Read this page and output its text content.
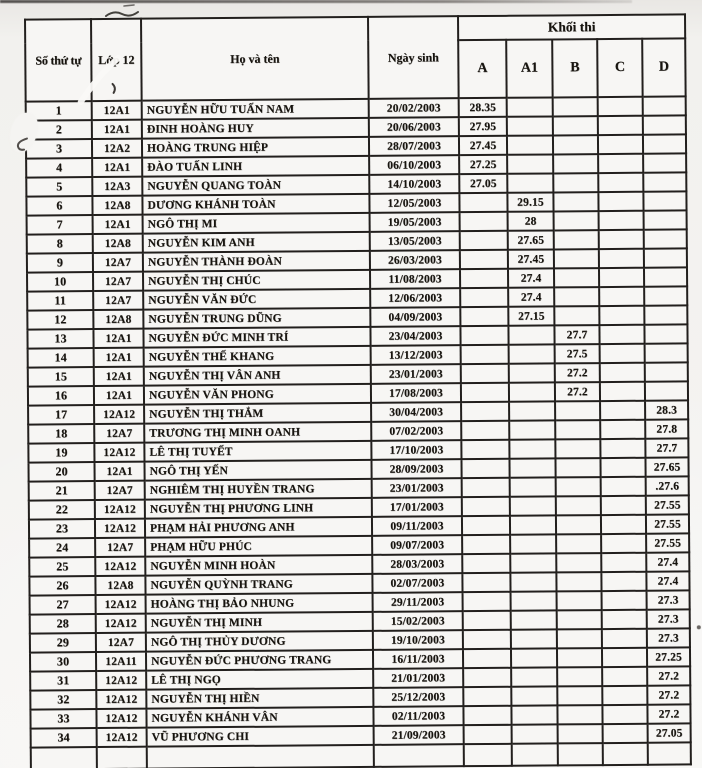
Số thứ tự	Lớp 12	Họ và tên	Ngày sinh	Khối thi				
				A	A1	B	C	D
1	12A1	NGUYỄN HỮU TUẤN NAM	20/02/2003	28.35				
2	12A1	ĐINH HOÀNG HUY	20/06/2003	27.95				
3	12A2	HOÀNG TRUNG HIỆP	28/07/2003	27.45				
4	12A1	ĐÀO TUẤN LINH	06/10/2003	27.25				
5	12A3	NGUYỄN QUANG TOÀN	14/10/2003	27.05				
6	12A8	DƯƠNG KHÁNH TOÀN	12/05/2003		29.15			
7	12A1	NGÔ THỊ MI	19/05/2003		28			
8	12A8	NGUYỄN KIM ANH	13/05/2003		27.65			
9	12A7	NGUYỄN THÀNH ĐOÀN	26/03/2003		27.45			
10	12A7	NGUYỄN THỊ CHÚC	11/08/2003		27.4			
11	12A7	NGUYỄN VĂN ĐỨC	12/06/2003		27.4			
12	12A8	NGUYỄN TRUNG DŨNG	04/09/2003		27.15			
13	12A1	NGUYỄN ĐỨC MINH TRÍ	23/04/2003			27.7		
14	12A1	NGUYỄN THẾ KHANG	13/12/2003			27.5		
15	12A1	NGUYỄN THỊ VÂN ANH	23/01/2003			27.2		
16	12A1	NGUYỄN VĂN PHONG	17/08/2003			27.2		
17	12A12	NGUYỄN THỊ THẮM	30/04/2003					28.3
18	12A7	TRƯƠNG THỊ MINH OANH	07/02/2003					27.8
19	12A12	LÊ THỊ TUYẾT	17/10/2003					27.7
20	12A1	NGÔ THỊ YẾN	28/09/2003					27.65
21	12A7	NGHIÊM THỊ HUYỀN TRANG	23/01/2003					.27.6
22	12A12	NGUYỄN THỊ PHƯƠNG LINH	17/01/2003					27.55
23	12A12	PHẠM HẢI PHƯƠNG ANH	09/11/2003					27.55
24	12A7	PHẠM HỮU PHÚC	09/07/2003					27.55
25	12A12	NGUYỄN MINH HOÀN	28/03/2003					27.4
26	12A8	NGUYỄN QUỲNH TRANG	02/07/2003					27.4
27	12A12	HOÀNG THỊ BẢO NHUNG	29/11/2003					27.3
28	12A12	NGUYỄN THỊ MINH	15/02/2003					27.3
29	12A7	NGÔ THỊ THỦY DƯƠNG	19/10/2003					27.3
30	12A11	NGUYỄN ĐỨC PHƯƠNG TRANG	16/11/2003					27.25
31	12A12	LÊ THỊ NGỌ	21/01/2003					27.2
32	12A12	NGUYỄN THỊ HIỀN	25/12/2003					27.2
33	12A12	NGUYỄN KHÁNH VÂN	02/11/2003					27.2
34	12A12	VŨ PHƯƠNG CHI	21/09/2003					27.05
